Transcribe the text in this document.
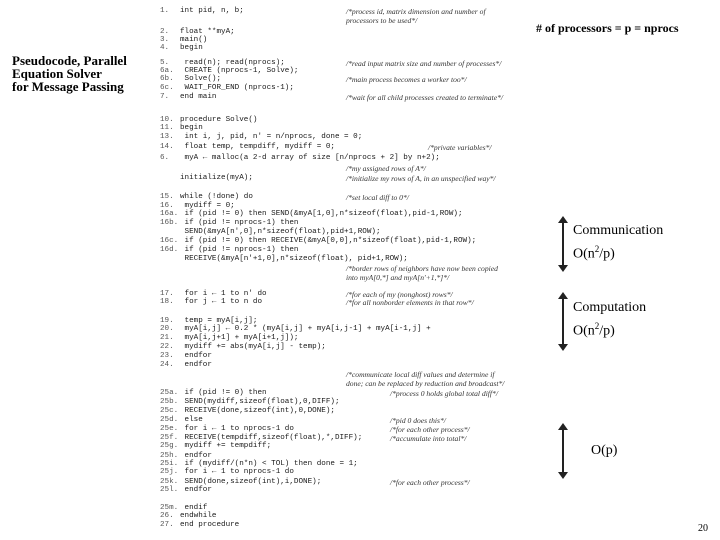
Pseudocode, Parallel
Equation Solver
for Message Passing
# of processors = p = nprocs
1. int pid, n, b;
2. float **myA;
3. main()
4. begin
5. read(n); read(nprocs);
6a. CREATE (nprocs-1, Solve);
6b. Solve();
6c. WAIT_FOR_END (nprocs-1);
7. end main
10. procedure Solve()
11. begin
13. int i, j, pid, n' = n/nprocs, done = 0;
14. float temp, tempdiff, mydiff = 0;
6. myA ← malloc(a 2-d array of size [n/nprocs + 2] by n+2);
initialize(myA);
15. while (!done) do
16. mydiff = 0;
16a. if (pid != 0) then SEND(&myA[1,0],n*sizeof(float),pid-1,ROW);
16b. if (pid != nprocs-1) then
SEND(&myA[n',0],n*sizeof(float),pid+1,ROW);
16c. if (pid != 0) then RECEIVE(&myA[0,0],n*sizeof(float),pid-1,ROW);
16d. if (pid != nprocs-1) then
RECEIVE(&myA[n'+1,0],n*sizeof(float), pid+1,ROW);
17. for i ← 1 to n' do
18. for j ← 1 to n do
19. temp = myA[i,j];
20. myA[i,j] ← 0.2 * (myA[i,j] + myA[i,j-1] + myA[i-1,j] +
21. myA[i,j+1] + myA[i+1,j]);
22. mydiff += abs(myA[i,j] - temp);
23. endfor
24. endfor
25a. if (pid != 0) then
25b. SEND(mydiff,sizeof(float),0,DIFF);
25c. RECEIVE(done,sizeof(int),0,DONE);
25d. else
25e. for i ← 1 to nprocs-1 do
25f. RECEIVE(tempdiff,sizeof(float),*,DIFF);
25g. mydiff += tempdiff;
25h. endfor
25i. if (mydiff/(n*n) < TOL) then done = 1;
25j. for i ← 1 to nprocs-1 do
25k. SEND(done,sizeof(int),i,DONE);
25l. endfor
25m. endif
26. endwhile
27. end procedure
/*process id, matrix dimension and number of
processors to be used*/
/*read input matrix size and number of processes*/
/*main process becomes a worker too*/
/*wait for all child processes created to terminate*/
/*private variables*/
/*my assigned rows of A*/
/*initialize my rows of A, in an unspecified way*/
/*set local diff to 0*/
/*border rows of neighbors have now been copied
into myA[0,*] and myA[n'+1,*]*/
/*for each of my (nonghost) rows*/
/*for all nonborder elements in that row*/
/*communicate local diff values and determine if
done; can be replaced by reduction and broadcast*/
/*process 0 holds global total diff*/
/*pid 0 does this*/
/*for each other process*/
/*accumulate into total*/
/*for each other process*/
Communication
$O(n^2/p)$
Computation
$O(n^2/p)$
O(p)
20
